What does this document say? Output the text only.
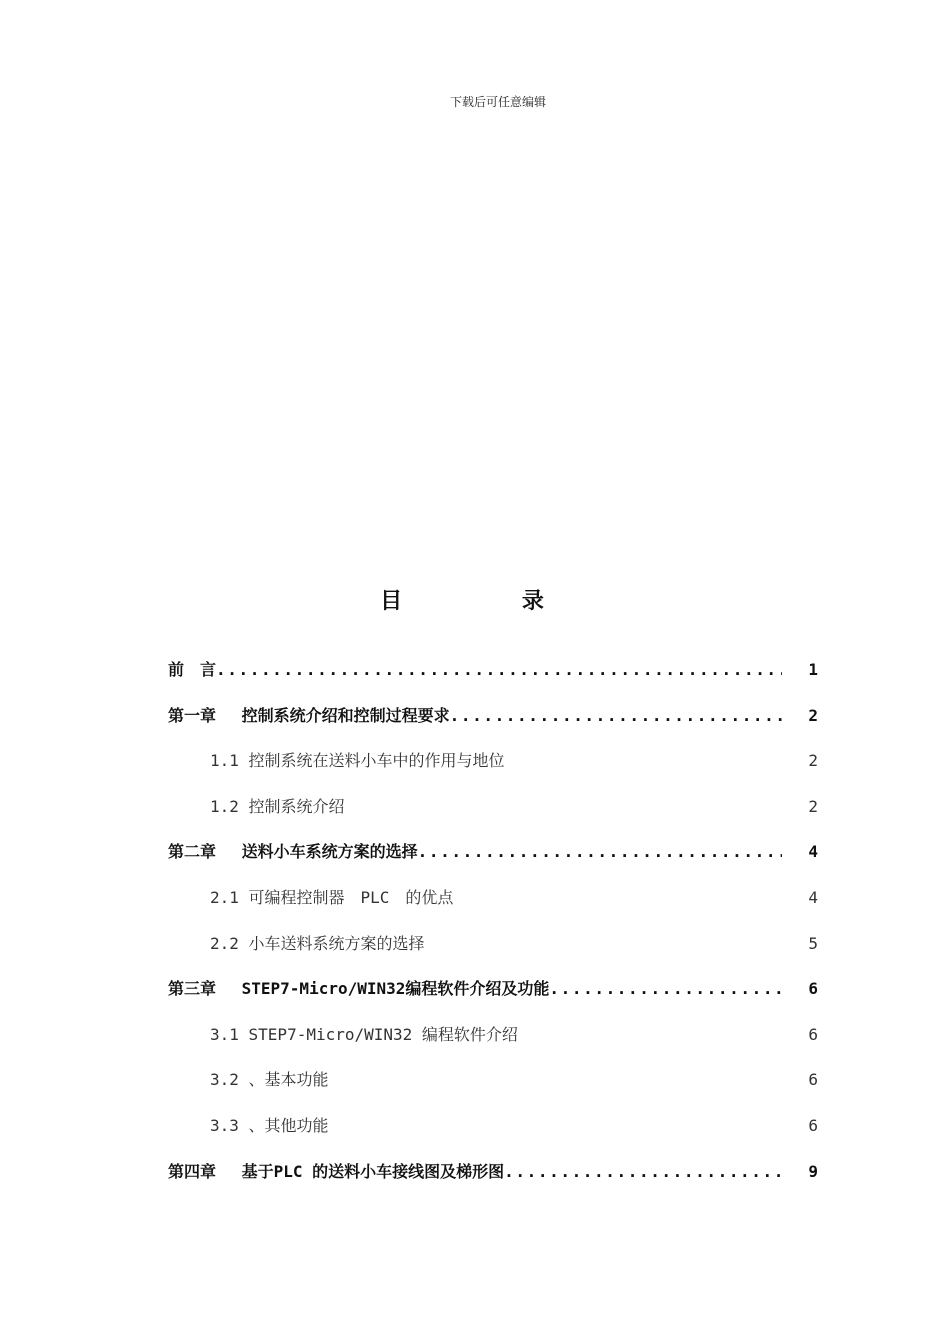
下载后可任意编辑
目 录
前　言 .....	1
第一章　 控制系统介绍和控制过程要求 .....	2
1.1 控制系统在送料小车中的作用与地位	2
1.2 控制系统介绍	2
第二章　 送料小车系统方案的选择 .....	4
2.1 可编程控制器　PLC　的优点	4
2.2 小车送料系统方案的选择	5
第三章　 STEP7-Micro/WIN32编程软件介绍及功能 .....	6
3.1 STEP7-Micro/WIN32 编程软件介绍	6
3.2 、基本功能	6
3.3 、其他功能	6
第四章　 基于PLC 的送料小车接线图及梯形图 .....	9
